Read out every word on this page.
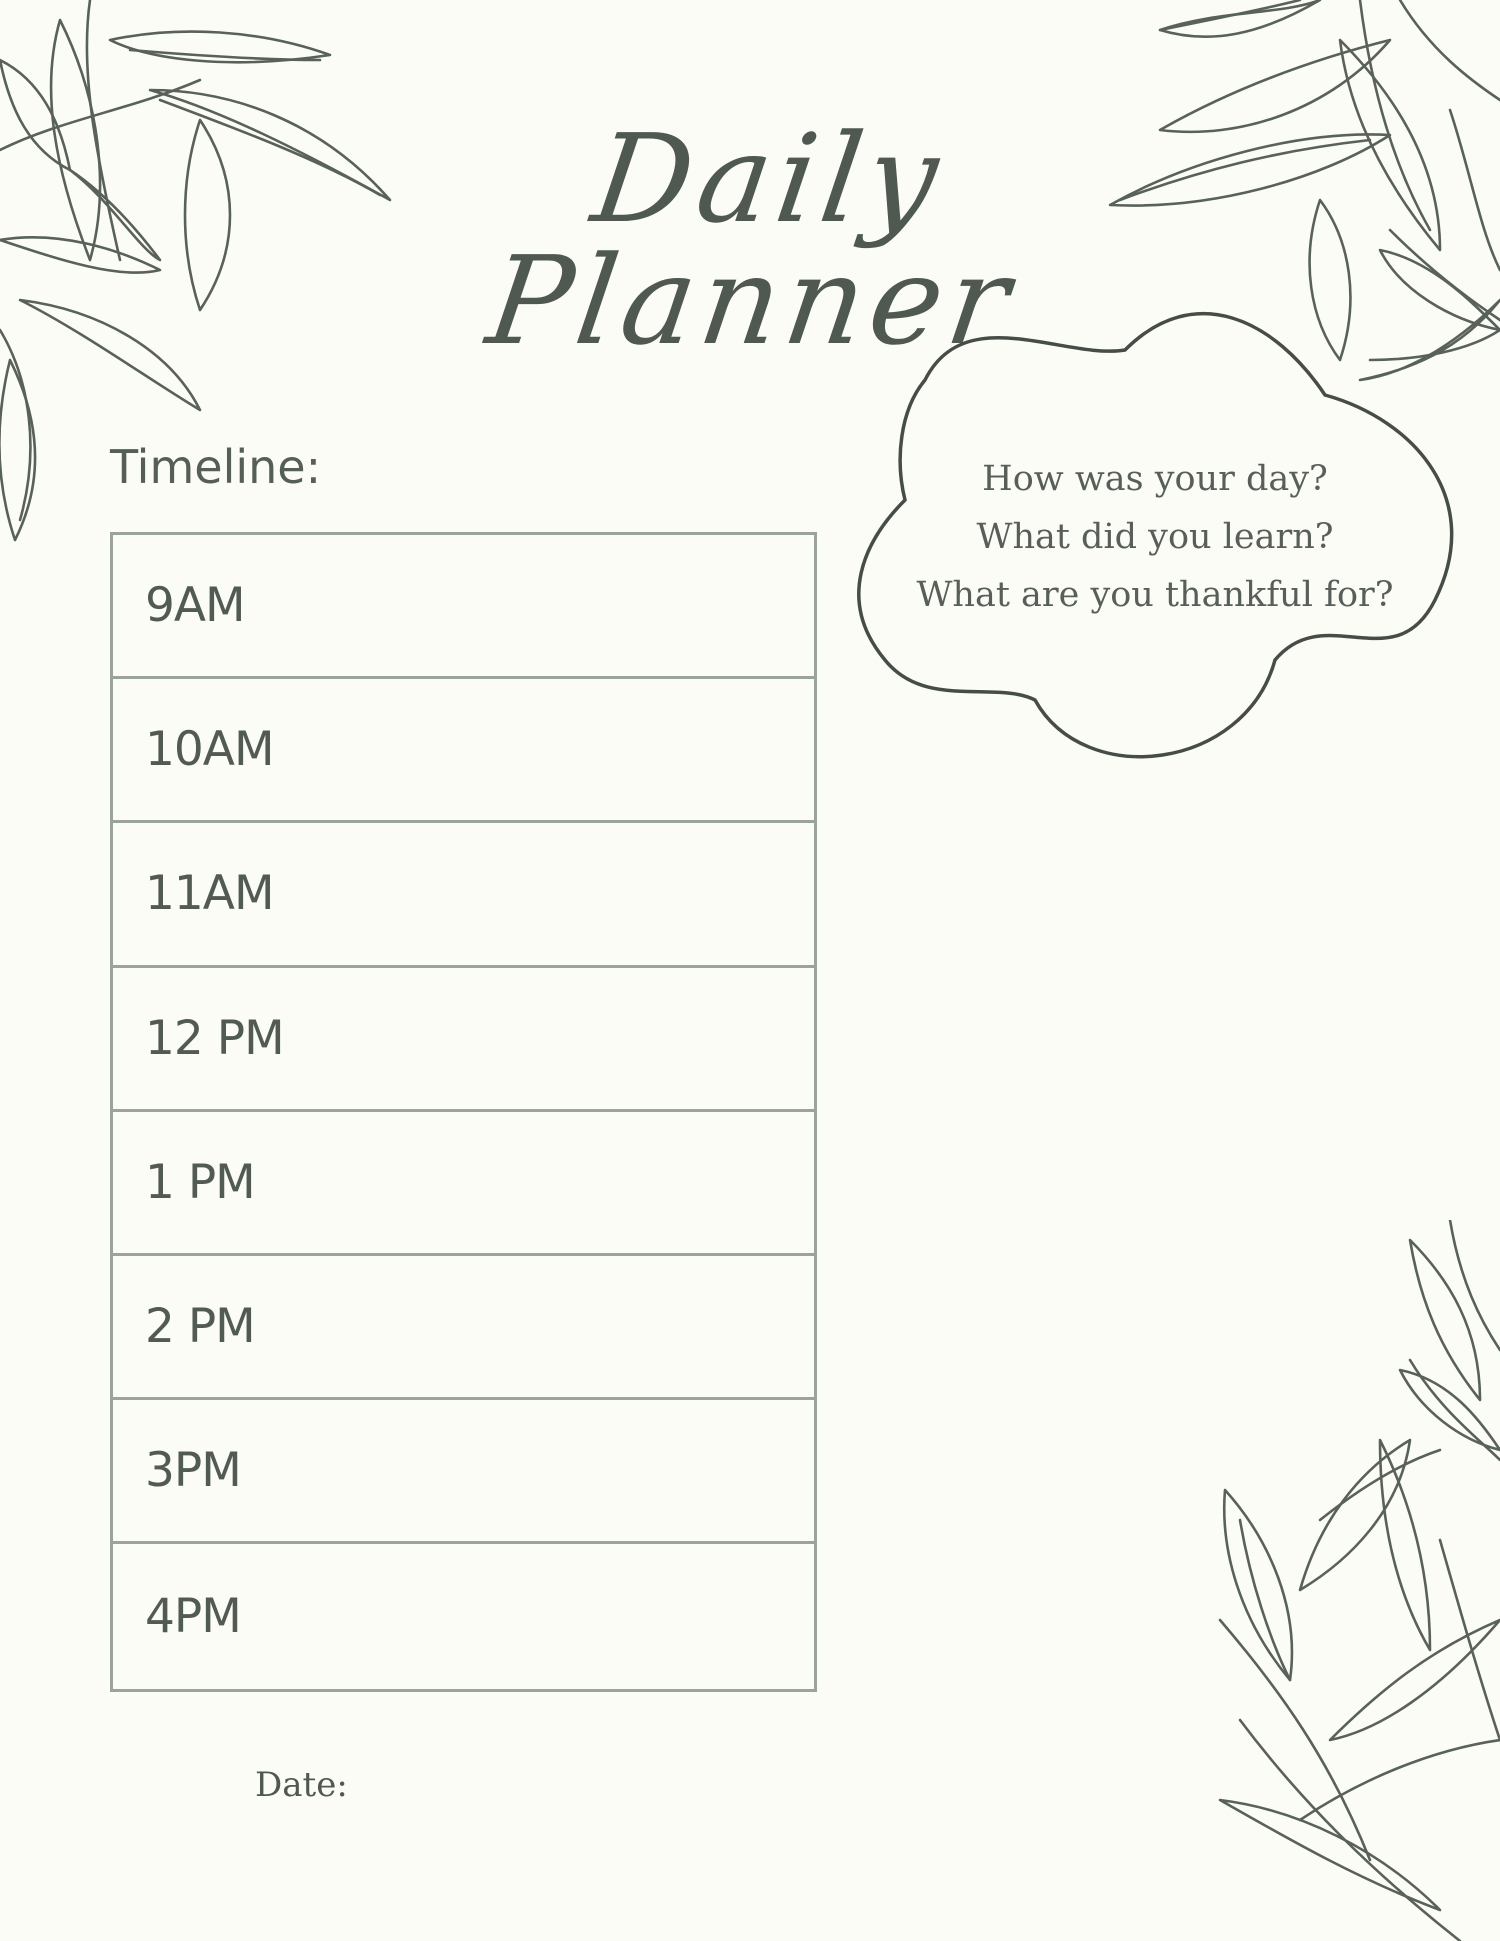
Daily Planner
Timeline:
9AM
10AM
11AM
12 PM
1 PM
2 PM
3PM
4PM
How was your day?
What did you learn?
What are you thankful for?
Date:
